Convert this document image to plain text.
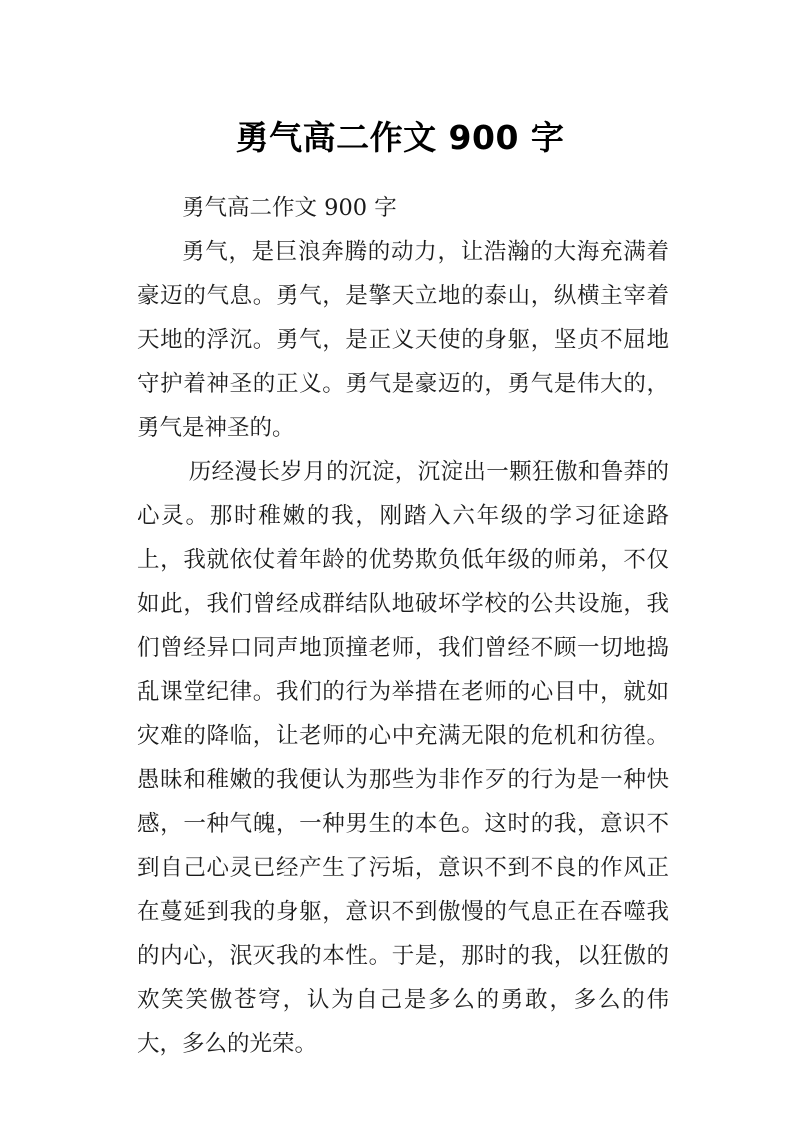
勇气高二作文 900 字

勇气高二作文 900 字

勇气，是巨浪奔腾的动力，让浩瀚的大海充满着豪迈的气息。勇气，是擎天立地的泰山，纵横主宰着天地的浮沉。勇气，是正义天使的身躯，坚贞不屈地守护着神圣的正义。勇气是豪迈的，勇气是伟大的，勇气是神圣的。

历经漫长岁月的沉淀，沉淀出一颗狂傲和鲁莽的心灵。那时稚嫩的我，刚踏入六年级的学习征途路上，我就依仗着年龄的优势欺负低年级的师弟，不仅如此，我们曾经成群结队地破坏学校的公共设施，我们曾经异口同声地顶撞老师，我们曾经不顾一切地捣乱课堂纪律。我们的行为举措在老师的心目中，就如灾难的降临，让老师的心中充满无限的危机和彷徨。愚昧和稚嫩的我便认为那些为非作歹的行为是一种快感，一种气魄，一种男生的本色。这时的我，意识不到自己心灵已经产生了污垢，意识不到不良的作风正在蔓延到我的身躯，意识不到傲慢的气息正在吞噬我的内心，泯灭我的本性。于是，那时的我，以狂傲的欢笑笑傲苍穹，认为自己是多么的勇敢，多么的伟大，多么的光荣。
